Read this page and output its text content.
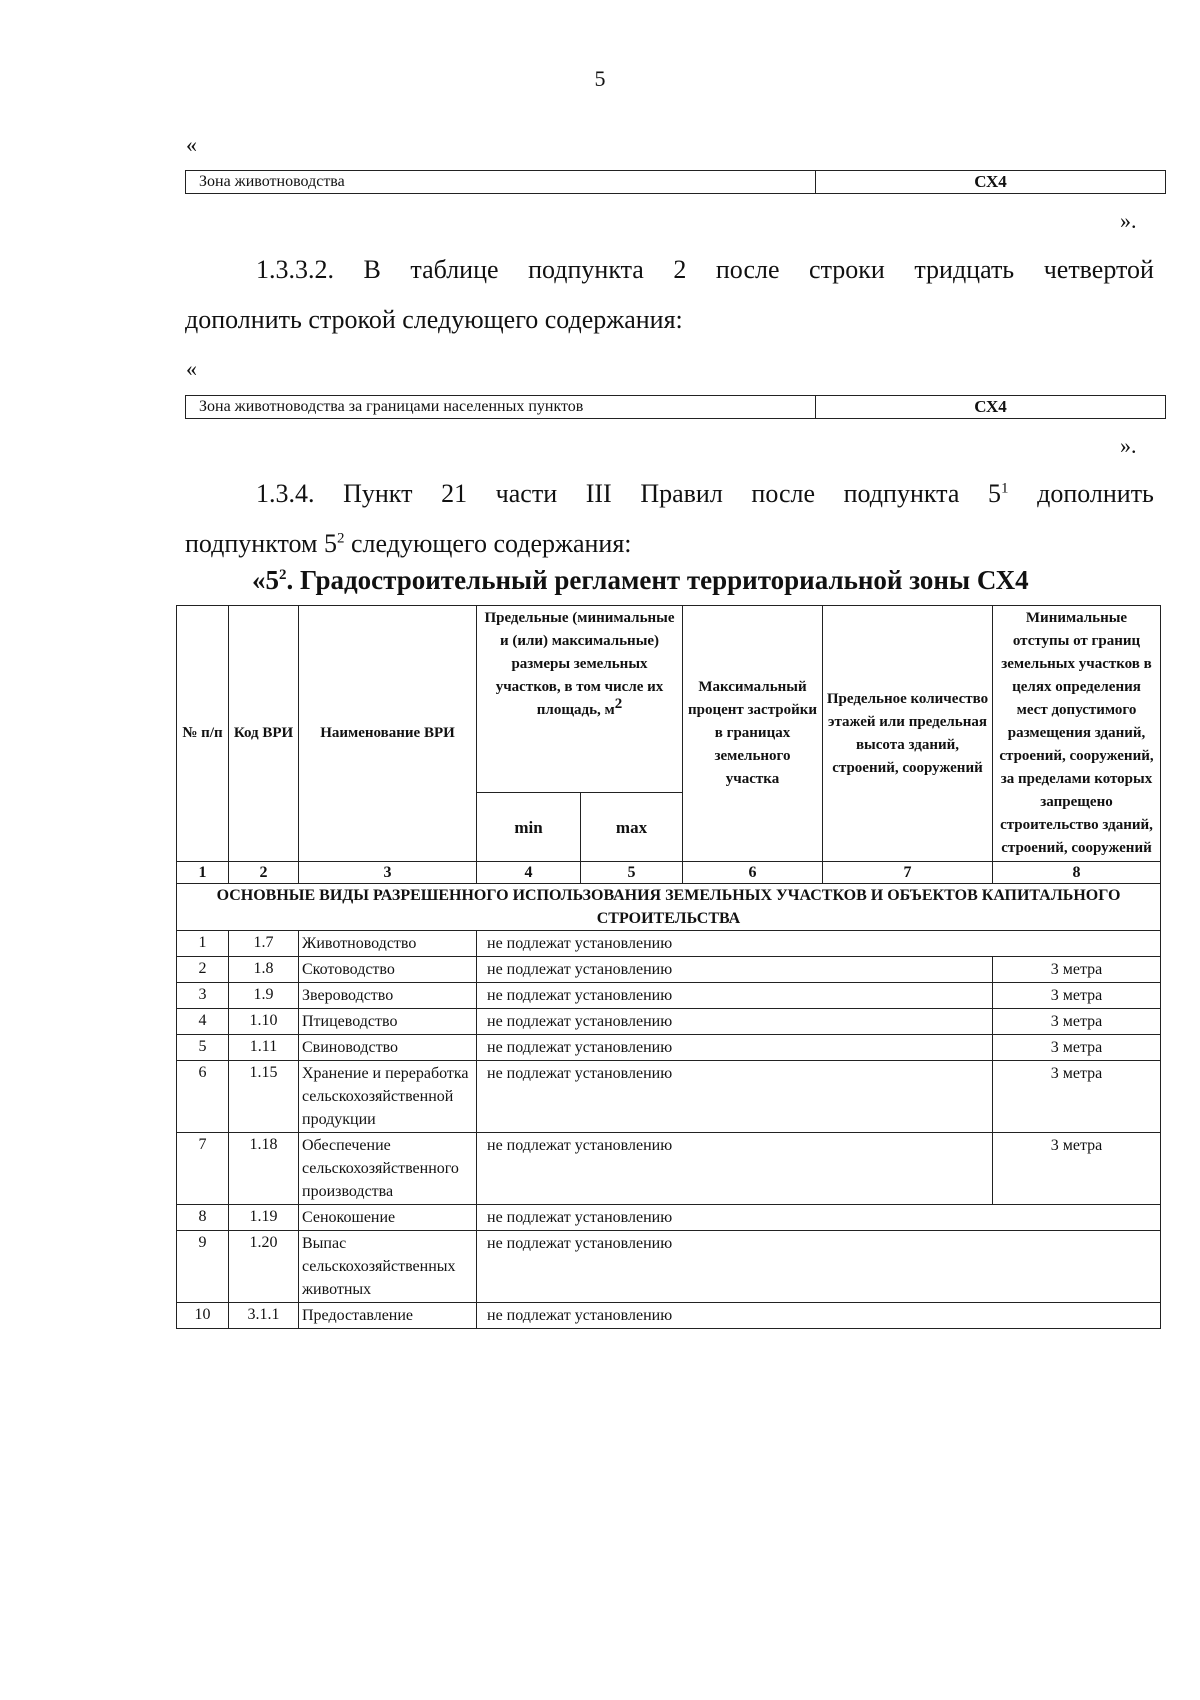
5
«
Зона животноводства	СХ4
».
1.3.3.2. В таблице подпункта 2 после строки тридцать четвертой
дополнить строкой следующего содержания:
«
Зона животноводства за границами населенных пунктов	СХ4
».
1.3.4. Пункт 21 части III Правил после подпункта $5^1$ дополнить
подпунктом $5^2$ следующего содержания:
«$5^2$. Градостроительный регламент территориальной зоны СХ4
№ п/п	Код ВРИ	Наименование ВРИ	Предельные (минимальные и (или) максимальные) размеры земельных участков, в том числе их площадь, $м^2$		Максимальный процент застройки в границах земельного участка	Предельное количество этажей или предельная высота зданий, строений, сооружений	Минимальные отступы от границ земельных участков в целях определения мест допустимого размещения зданий, строений, сооружений, за пределами которых запрещено строительство зданий, строений, сооружений
			min	max			
1	2	3	4	5	6	7	8
ОСНОВНЫЕ ВИДЫ РАЗРЕШЕННОГО ИСПОЛЬЗОВАНИЯ ЗЕМЕЛЬНЫХ УЧАСТКОВ И ОБЪЕКТОВ КАПИТАЛЬНОГО СТРОИТЕЛЬСТВА							
1	1.7	Животноводство	не подлежат установлению				
2	1.8	Скотоводство	не подлежат установлению				3 метра
3	1.9	Звероводство	не подлежат установлению				3 метра
4	1.10	Птицеводство	не подлежат установлению				3 метра
5	1.11	Свиноводство	не подлежат установлению				3 метра
6	1.15	Хранение и переработка сельскохозяйственной продукции	не подлежат установлению				3 метра
7	1.18	Обеспечение сельскохозяйственного производства	не подлежат установлению				3 метра
8	1.19	Сенокошение	не подлежат установлению				
9	1.20	Выпас сельскохозяйственных животных	не подлежат установлению				
10	3.1.1	Предоставление	не подлежат установлению				
